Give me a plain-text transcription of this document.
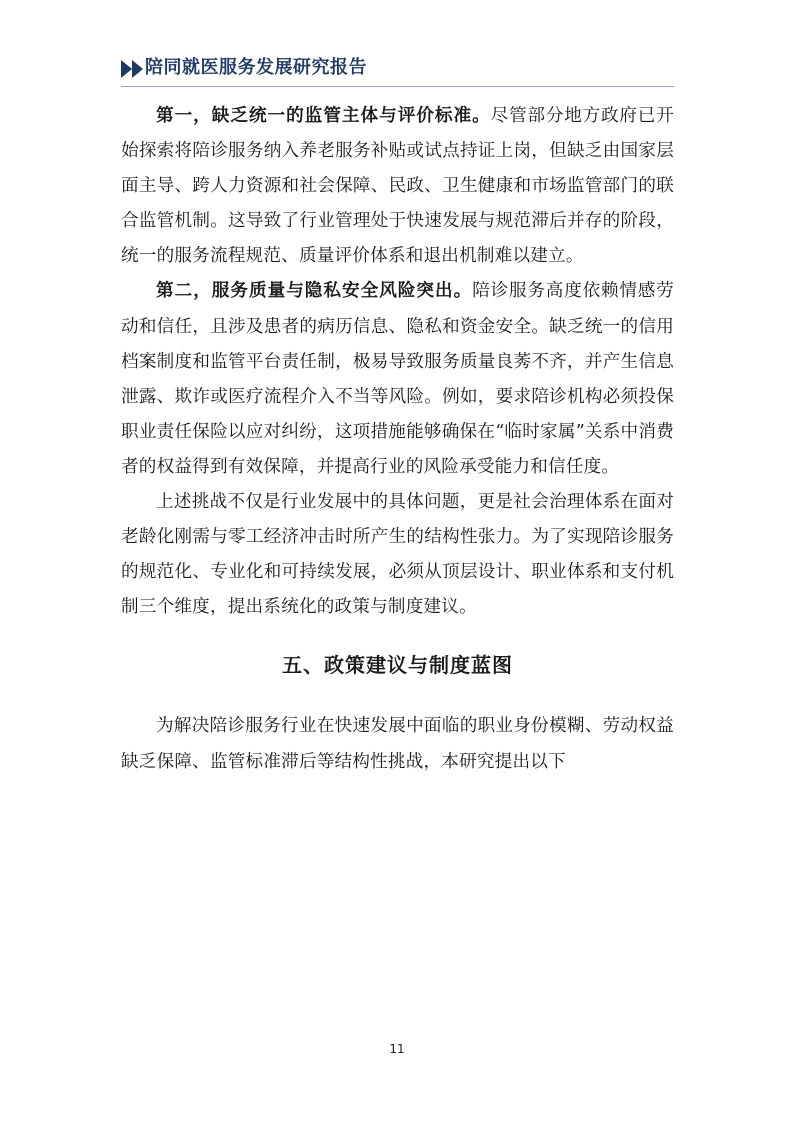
陪同就医服务发展研究报告

第一，缺乏统一的监管主体与评价标准。尽管部分地方政府已开始探索将陪诊服务纳入养老服务补贴或试点持证上岗，但缺乏由国家层面主导、跨人力资源和社会保障、民政、卫生健康和市场监管部门的联合监管机制。这导致了行业管理处于快速发展与规范滞后并存的阶段，统一的服务流程规范、质量评价体系和退出机制难以建立。

第二，服务质量与隐私安全风险突出。陪诊服务高度依赖情感劳动和信任，且涉及患者的病历信息、隐私和资金安全。缺乏统一的信用档案制度和监管平台责任制，极易导致服务质量良莠不齐，并产生信息泄露、欺诈或医疗流程介入不当等风险。例如，要求陪诊机构必须投保职业责任保险以应对纠纷，这项措施能够确保在“临时家属”关系中消费者的权益得到有效保障，并提高行业的风险承受能力和信任度。

上述挑战不仅是行业发展中的具体问题，更是社会治理体系在面对老龄化刚需与零工经济冲击时所产生的结构性张力。为了实现陪诊服务的规范化、专业化和可持续发展，必须从顶层设计、职业体系和支付机制三个维度，提出系统化的政策与制度建议。

五、政策建议与制度蓝图

为解决陪诊服务行业在快速发展中面临的职业身份模糊、劳动权益缺乏保障、监管标准滞后等结构性挑战，本研究提出以下

11
